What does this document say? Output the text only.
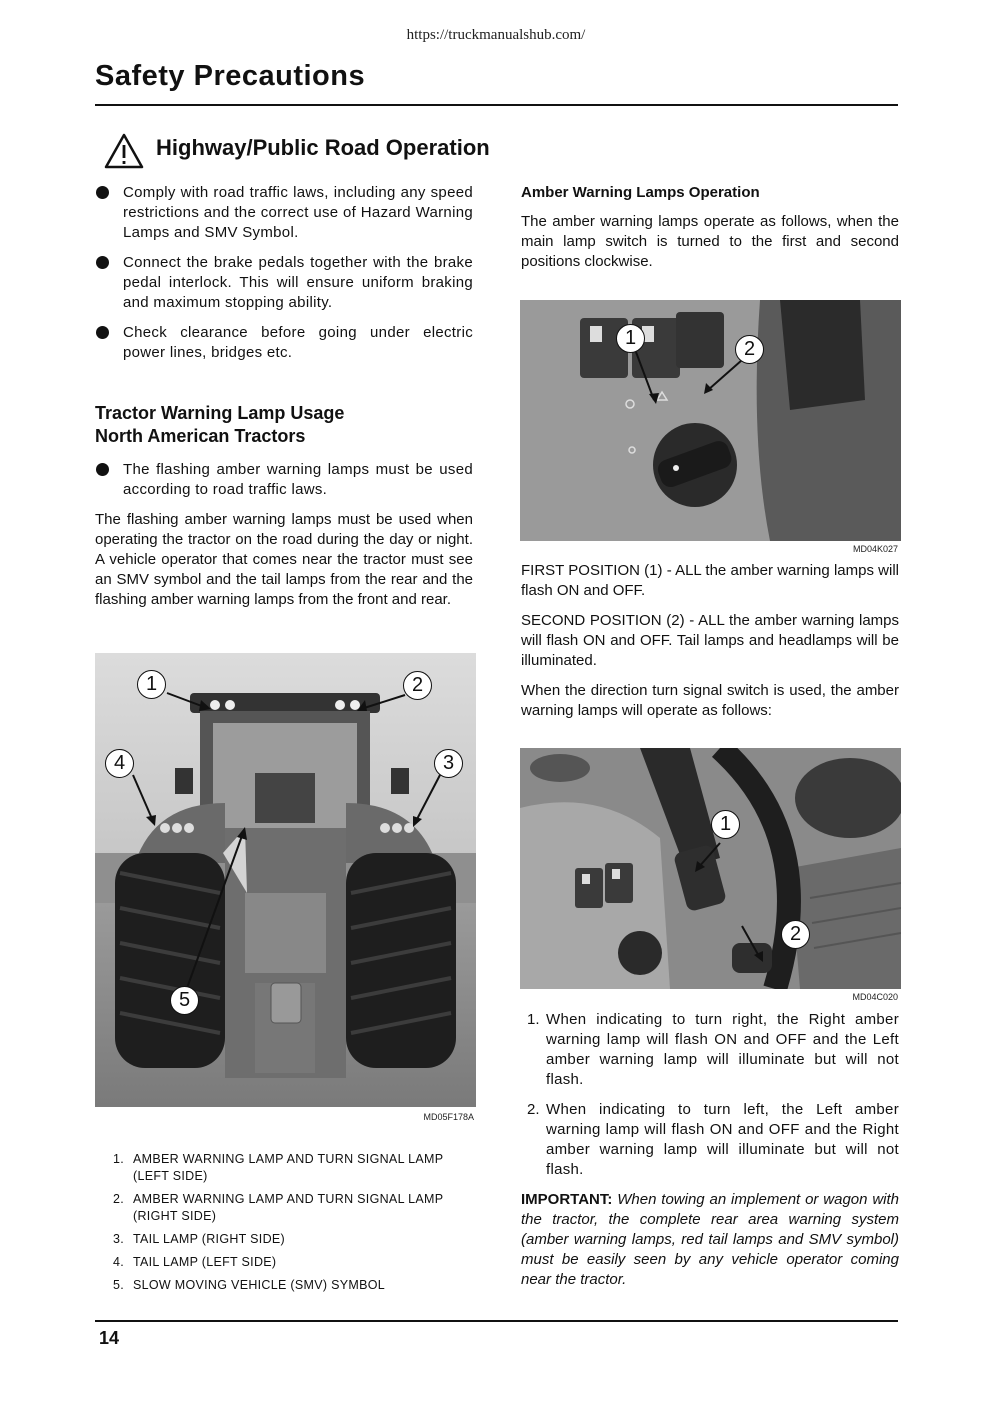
https://truckmanualshub.com/
Safety Precautions
Highway/Public Road Operation

Comply with road traffic laws, including any speed restrictions and the correct use of Hazard Warning Lamps and SMV Symbol.

Connect the brake pedals together with the brake pedal interlock. This will ensure uniform braking and maximum stopping ability.

Check clearance before going under electric power lines, bridges etc.

Tractor Warning Lamp Usage

North American Tractors

The flashing amber warning lamps must be used according to road traffic laws.

The flashing amber warning lamps must be used when operating the tractor on the road during the day or night. A vehicle operator that comes near the tractor must see an SMV symbol and the tail lamps from the rear and the flashing amber warning lamps from the front and rear.

1	2
3
4
5
MD05F178A
1. AMBER WARNING LAMP AND TURN SIGNAL LAMP (LEFT SIDE)
2. AMBER WARNING LAMP AND TURN SIGNAL LAMP (RIGHT SIDE)
3. TAIL LAMP (RIGHT SIDE)
4. TAIL LAMP (LEFT SIDE)
5. SLOW MOVING VEHICLE (SMV) SYMBOL

Amber Warning Lamps Operation

The amber warning lamps operate as follows, when the main lamp switch is turned to the first and second positions clockwise.

1	2
MD04K027

FIRST POSITION (1) - ALL the amber warning lamps will flash ON and OFF.

SECOND POSITION (2) - ALL the amber warning lamps will flash ON and OFF. Tail lamps and headlamps will be illuminated.

When the direction turn signal switch is used, the amber warning lamps will operate as follows:

1
2
MD04C020
1. When indicating to turn right, the Right amber warning lamp will flash ON and OFF and the Left amber warning lamp will illuminate but will not flash.

2. When indicating to turn left, the Left amber warning lamp will flash ON and OFF and the Right amber warning lamp will illuminate but will not flash.

IMPORTANT: When towing an implement or wagon with the tractor, the complete rear area warning system (amber warning lamps, red tail lamps and SMV symbol) must be easily seen by any vehicle operator coming near the tractor.

14
